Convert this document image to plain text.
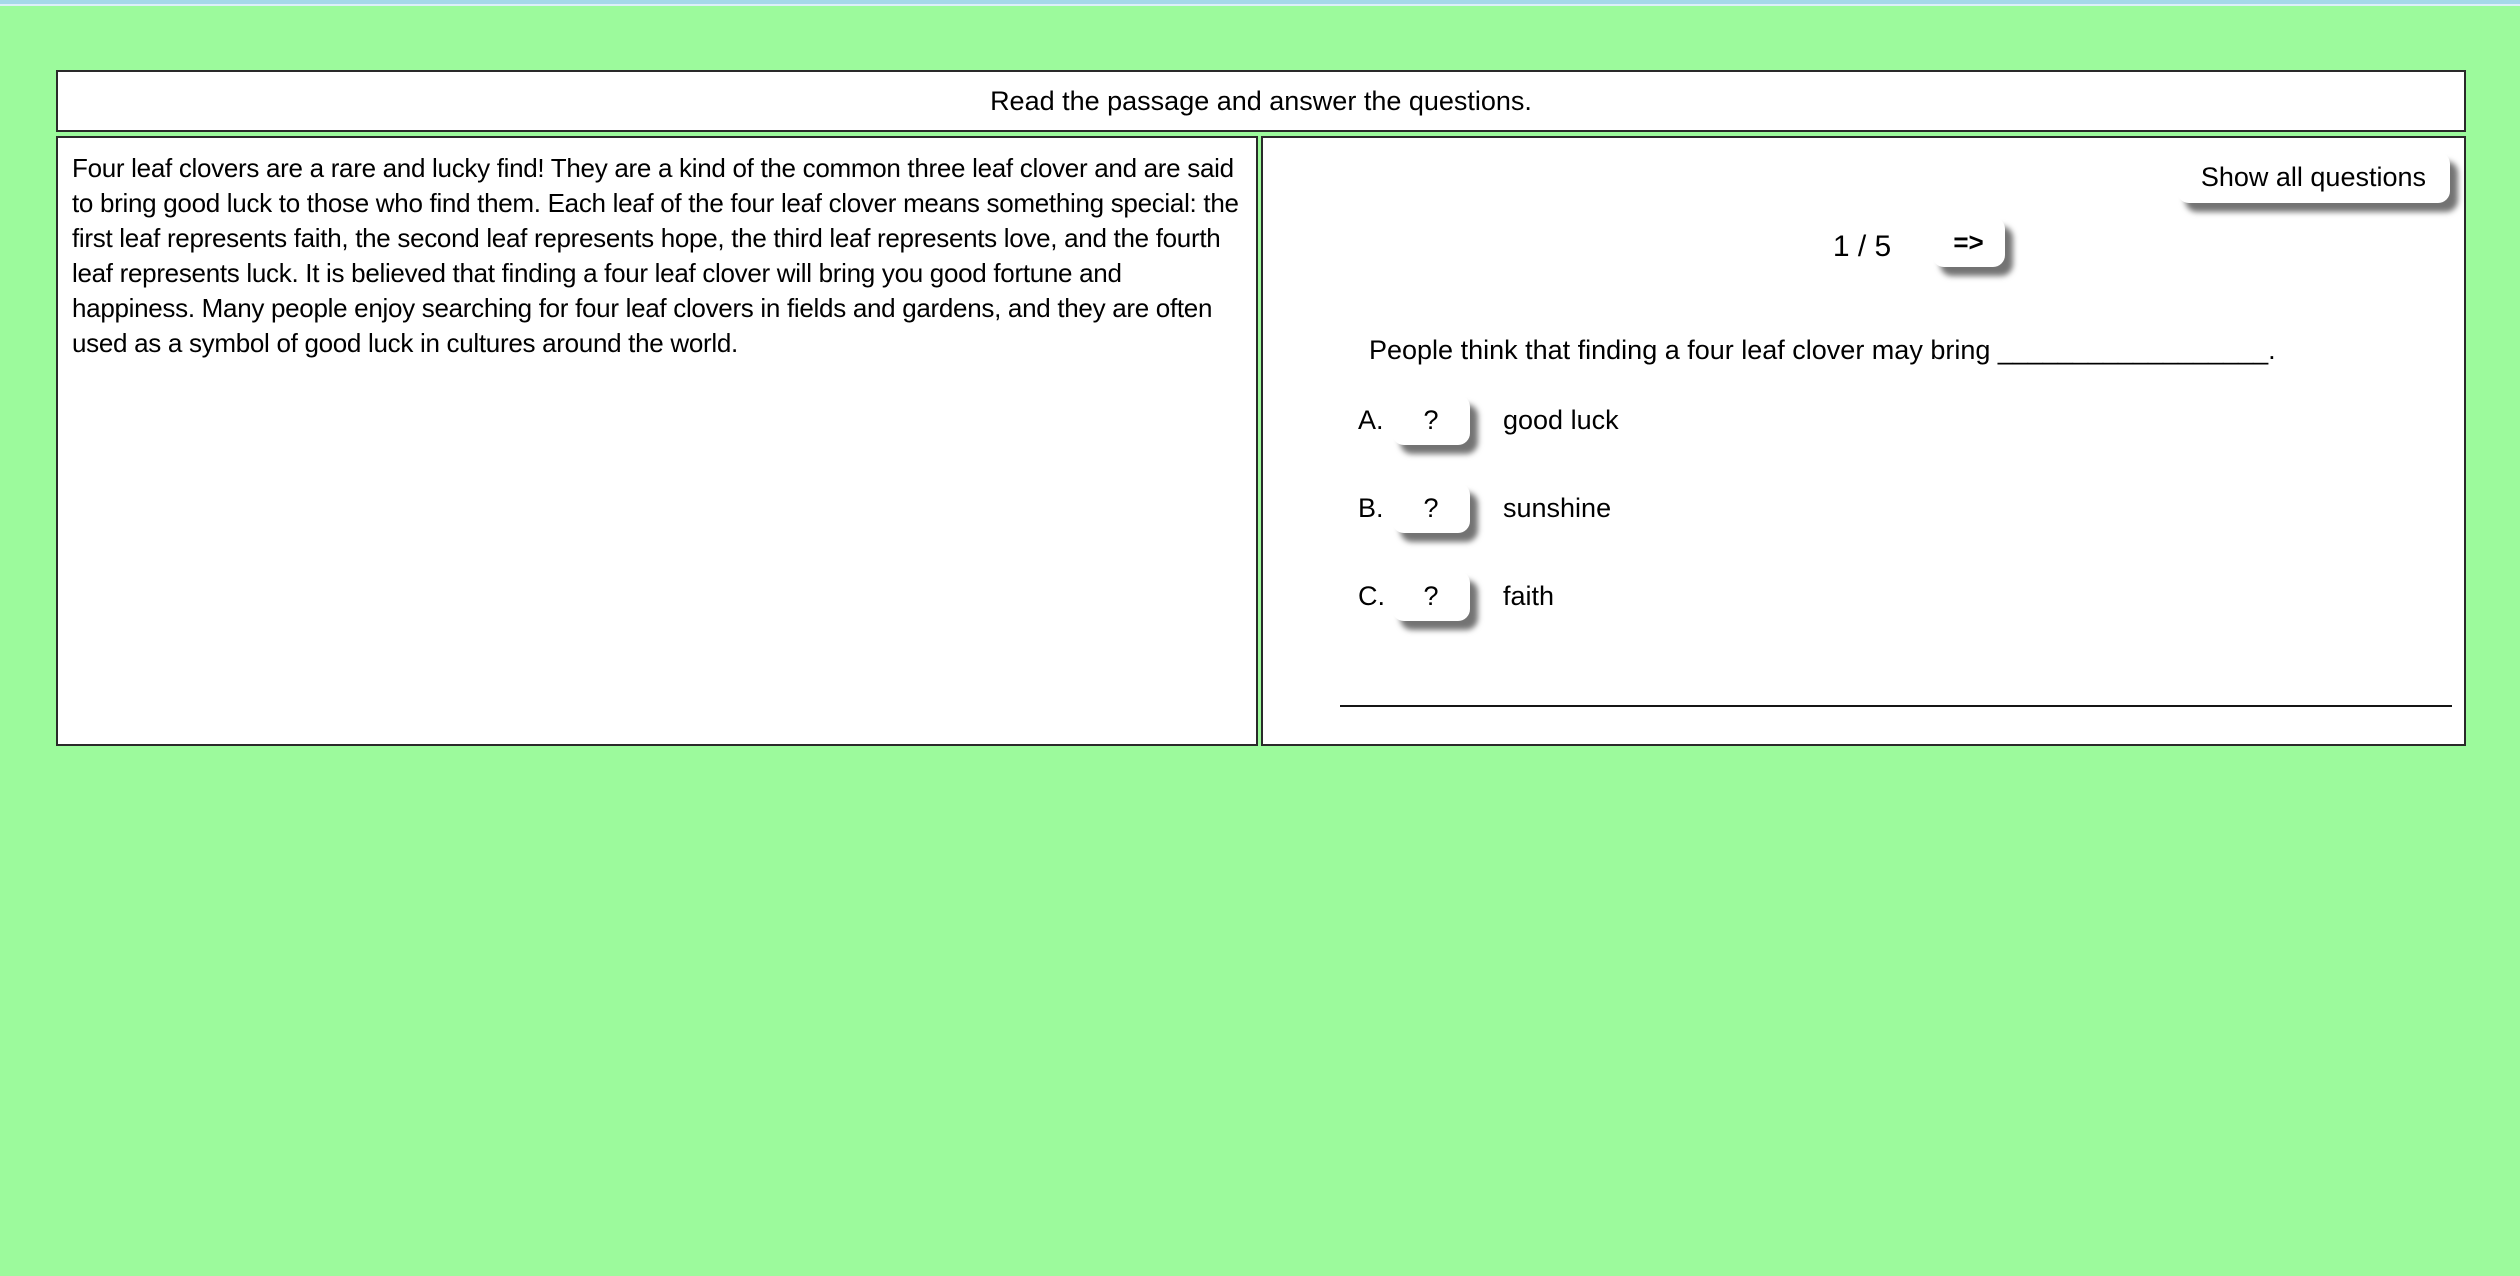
Read the passage and answer the questions.

Four leaf clovers are a rare and lucky find! They are a kind of the common three leaf clover and are said to bring good luck to those who find them. Each leaf of the four leaf clover means something special: the first leaf represents faith, the second leaf represents hope, the third leaf represents love, and the fourth leaf represents luck. It is believed that finding a four leaf clover will bring you good fortune and happiness. Many people enjoy searching for four leaf clovers in fields and gardens, and they are often used as a symbol of good luck in cultures around the world.

Show all questions
1 / 5	=>
People think that finding a four leaf clover may bring __________________.
A.	?	good luck
B.	?	sunshine
C.	?	faith
